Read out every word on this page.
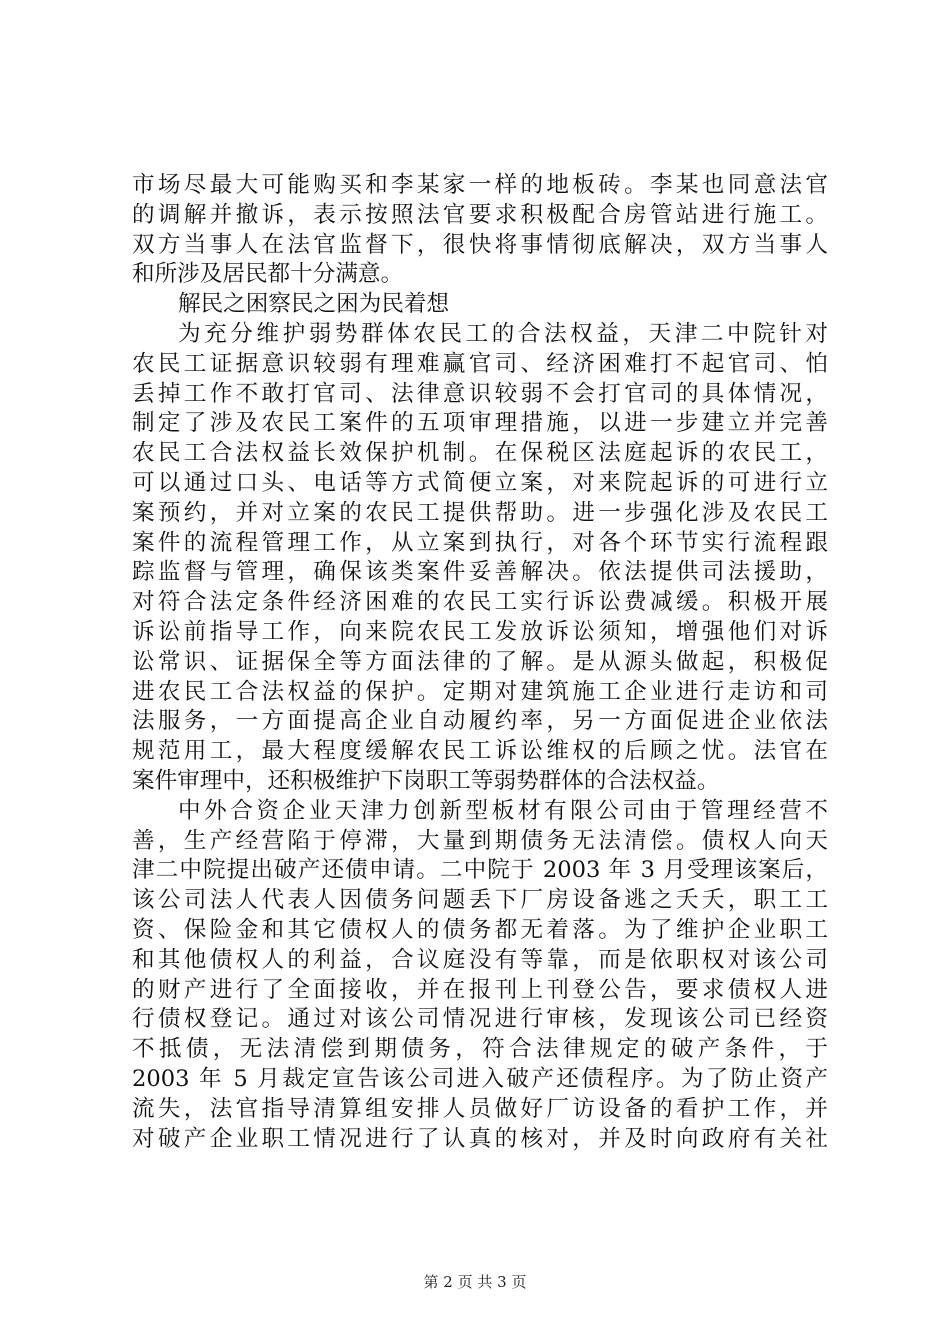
市场尽最大可能购买和李某家一样的地板砖。李某也同意法官
的调解并撤诉，表示按照法官要求积极配合房管站进行施工。
双方当事人在法官监督下，很快将事情彻底解决，双方当事人
和所涉及居民都十分满意。
解民之困察民之困为民着想
为充分维护弱势群体农民工的合法权益，天津二中院针对
农民工证据意识较弱有理难赢官司、经济困难打不起官司、怕
丢掉工作不敢打官司、法律意识较弱不会打官司的具体情况，
制定了涉及农民工案件的五项审理措施，以进一步建立并完善
农民工合法权益长效保护机制。在保税区法庭起诉的农民工，
可以通过口头、电话等方式简便立案，对来院起诉的可进行立
案预约，并对立案的农民工提供帮助。进一步强化涉及农民工
案件的流程管理工作，从立案到执行，对各个环节实行流程跟
踪监督与管理，确保该类案件妥善解决。依法提供司法援助，
对符合法定条件经济困难的农民工实行诉讼费减缓。积极开展
诉讼前指导工作，向来院农民工发放诉讼须知，增强他们对诉
讼常识、证据保全等方面法律的了解。是从源头做起，积极促
进农民工合法权益的保护。定期对建筑施工企业进行走访和司
法服务，一方面提高企业自动履约率，另一方面促进企业依法
规范用工，最大程度缓解农民工诉讼维权的后顾之忧。法官在
案件审理中，还积极维护下岗职工等弱势群体的合法权益。
中外合资企业天津力创新型板材有限公司由于管理经营不
善，生产经营陷于停滞，大量到期债务无法清偿。债权人向天
津二中院提出破产还债申请。二中院于 2003 年 3 月受理该案后，
该公司法人代表人因债务问题丢下厂房设备逃之夭夭，职工工
资、保险金和其它债权人的债务都无着落。为了维护企业职工
和其他债权人的利益，合议庭没有等靠，而是依职权对该公司
的财产进行了全面接收，并在报刊上刊登公告，要求债权人进
行债权登记。通过对该公司情况进行审核，发现该公司已经资
不抵债，无法清偿到期债务，符合法律规定的破产条件，于
2003 年 5 月裁定宣告该公司进入破产还债程序。为了防止资产
流失，法官指导清算组安排人员做好厂访设备的看护工作，并
对破产企业职工情况进行了认真的核对，并及时向政府有关社
第 2 页 共 3 页
